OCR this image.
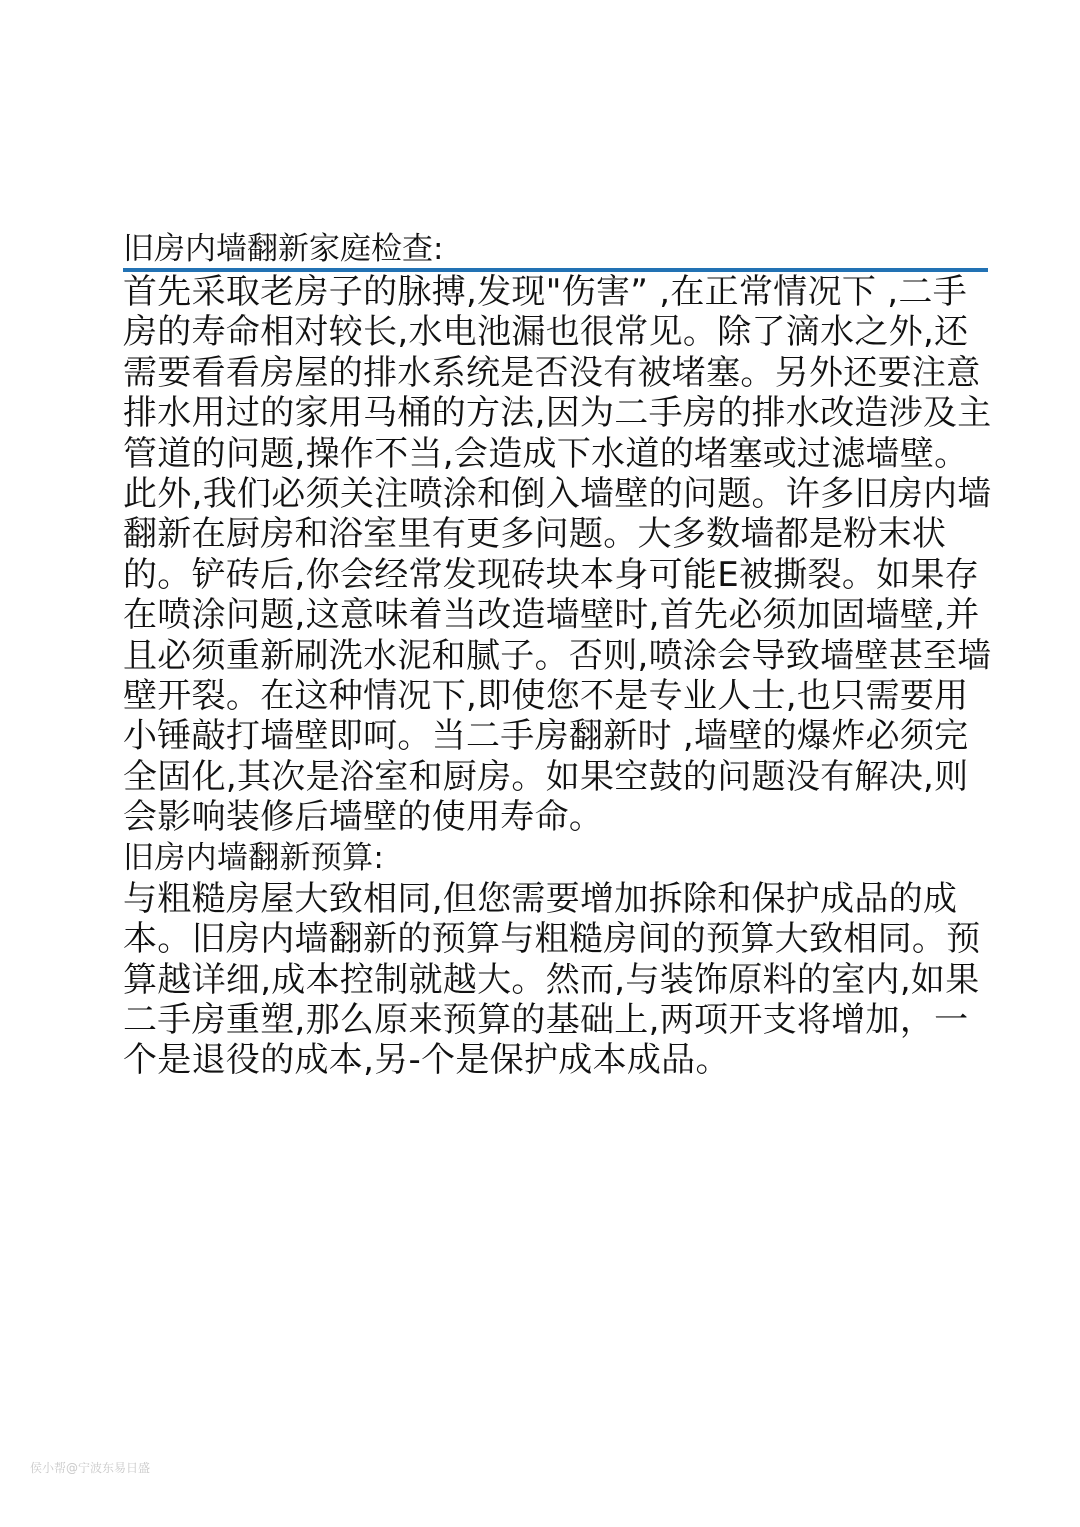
旧房内墙翻新家庭检查:

首先采取老房子的脉搏,发现"伤害” ,在正常情况下 ,二手房的寿命相对较长,水电池漏也很常见。除了滴水之外,还需要看看房屋的排水系统是否没有被堵塞。另外还要注意排水用过的家用马桶的方法,因为二手房的排水改造涉及主管道的问题,操作不当,会造成下水道的堵塞或过滤墙壁。

此外,我们必须关注喷涂和倒入墙壁的问题。许多旧房内墙翻新在厨房和浴室里有更多问题。大多数墙都是粉末状的。铲砖后,你会经常发现砖块本身可能E被撕裂。如果存在喷涂问题,这意味着当改造墙壁时,首先必须加固墙壁,并且必须重新刷洗水泥和腻子。否则,喷涂会导致墙壁甚至墙壁开裂。在这种情况下,即使您不是专业人士,也只需要用小锤敲打墙壁即呵。当二手房翻新时 ,墙壁的爆炸必须完全固化,其次是浴室和厨房。如果空鼓的问题没有解决,则会影响装修后墙壁的使用寿命。

旧房内墙翻新预算:

与粗糙房屋大致相同,但您需要增加拆除和保护成品的成本。旧房内墙翻新的预算与粗糙房间的预算大致相同。预算越详细,成本控制就越大。然而,与装饰原料的室内,如果二手房重塑,那么原来预算的基础上,两项开支将增加，一个是退役的成本,另-个是保护成本成品。

侯小帮@宁波东易日盛
